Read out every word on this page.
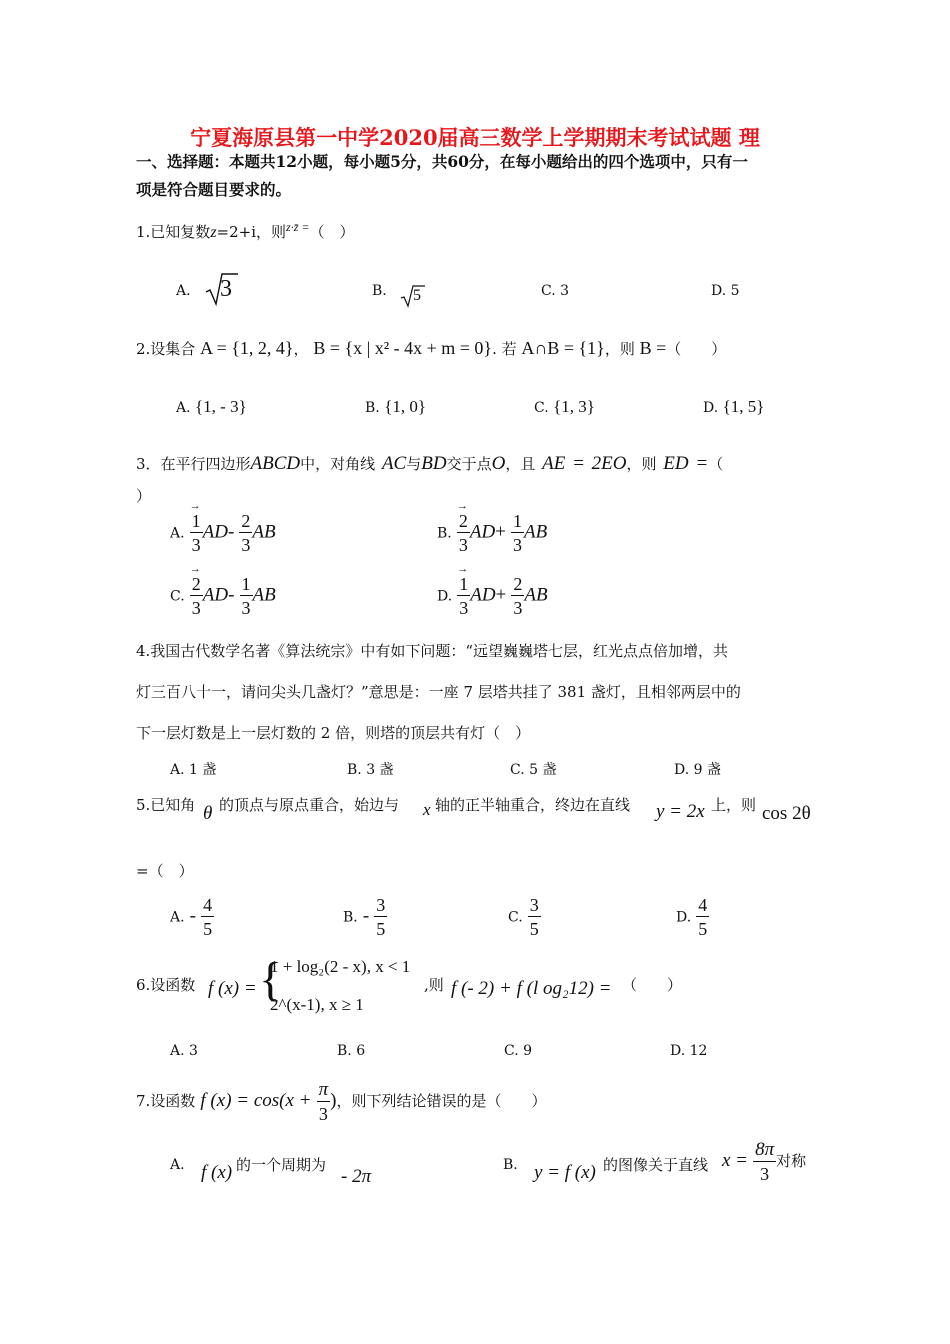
宁夏海原县第一中学2020届高三数学上学期期末考试试题 理
一、选择题：本题共12小题，每小题5分，共60分，在每小题给出的四个选项中，只有一
项是符合题目要求的。
1.已知复数z=2+i，则$^{z\cdot z̄ =}$（　）
A. 3	B. 5	C. 3	D. 5
2.设集合 A = {1, 2, 4}， B = {x | x² - 4x + m = 0}. 若 A∩B = {1}，则 B =（　　）
A. {1, - 3}	B. {1, 0}	C. {1, 3}	D. {1, 5}
3．在平行四边形ABCD中，对角线 AC与BD交于点O，且 AE = 2EO，则 ED =（
）
A. → $\frac{1}{3} AD- \frac{2}{3}$ AB	B. → $\frac{2}{3} AD+ \frac{1}{3}$ AB
C. → $\frac{2}{3} AD- \frac{1}{3}$ AB	D. → $\frac{1}{3} AD+ \frac{2}{3}$ AB
4.我国古代数学名著《算法统宗》中有如下问题：“远望巍巍塔七层，红光点点倍加增，共
灯三百八十一，请问尖头几盏灯？”意思是：一座 7 层塔共挂了 381 盏灯，且相邻两层中的
下一层灯数是上一层灯数的 2 倍，则塔的顶层共有灯（　）
A. 1 盏	B. 3 盏	C. 5 盏	D. 9 盏
5.已知角 θ 的顶点与原点重合，始边与 x 轴的正半轴重合，终边在直线 y = 2x 上，则 cos 2θ
=（　）
A. - $\frac{4}{5}$	B. - $\frac{3}{5}$	C. $\frac{3}{5}$	D. $\frac{4}{5}$
6.设函数 f (x) = {
1 + log₂(2 - x), x < 1
2^(x-1), x ≥ 1
,则 f (- 2) + f (l og₂12) = （　　）
A. 3	B. 6	C. 9	D. 12
7.设函数 f $(x) = \cos(x + \frac{\pi}{3}$ )，则下列结论错误的是（　　）
A. f (x) 的一个周期为
- 2π
B. y = f (x) 的图像关于直线 $x = \frac{8\pi}{3}$ 对称
